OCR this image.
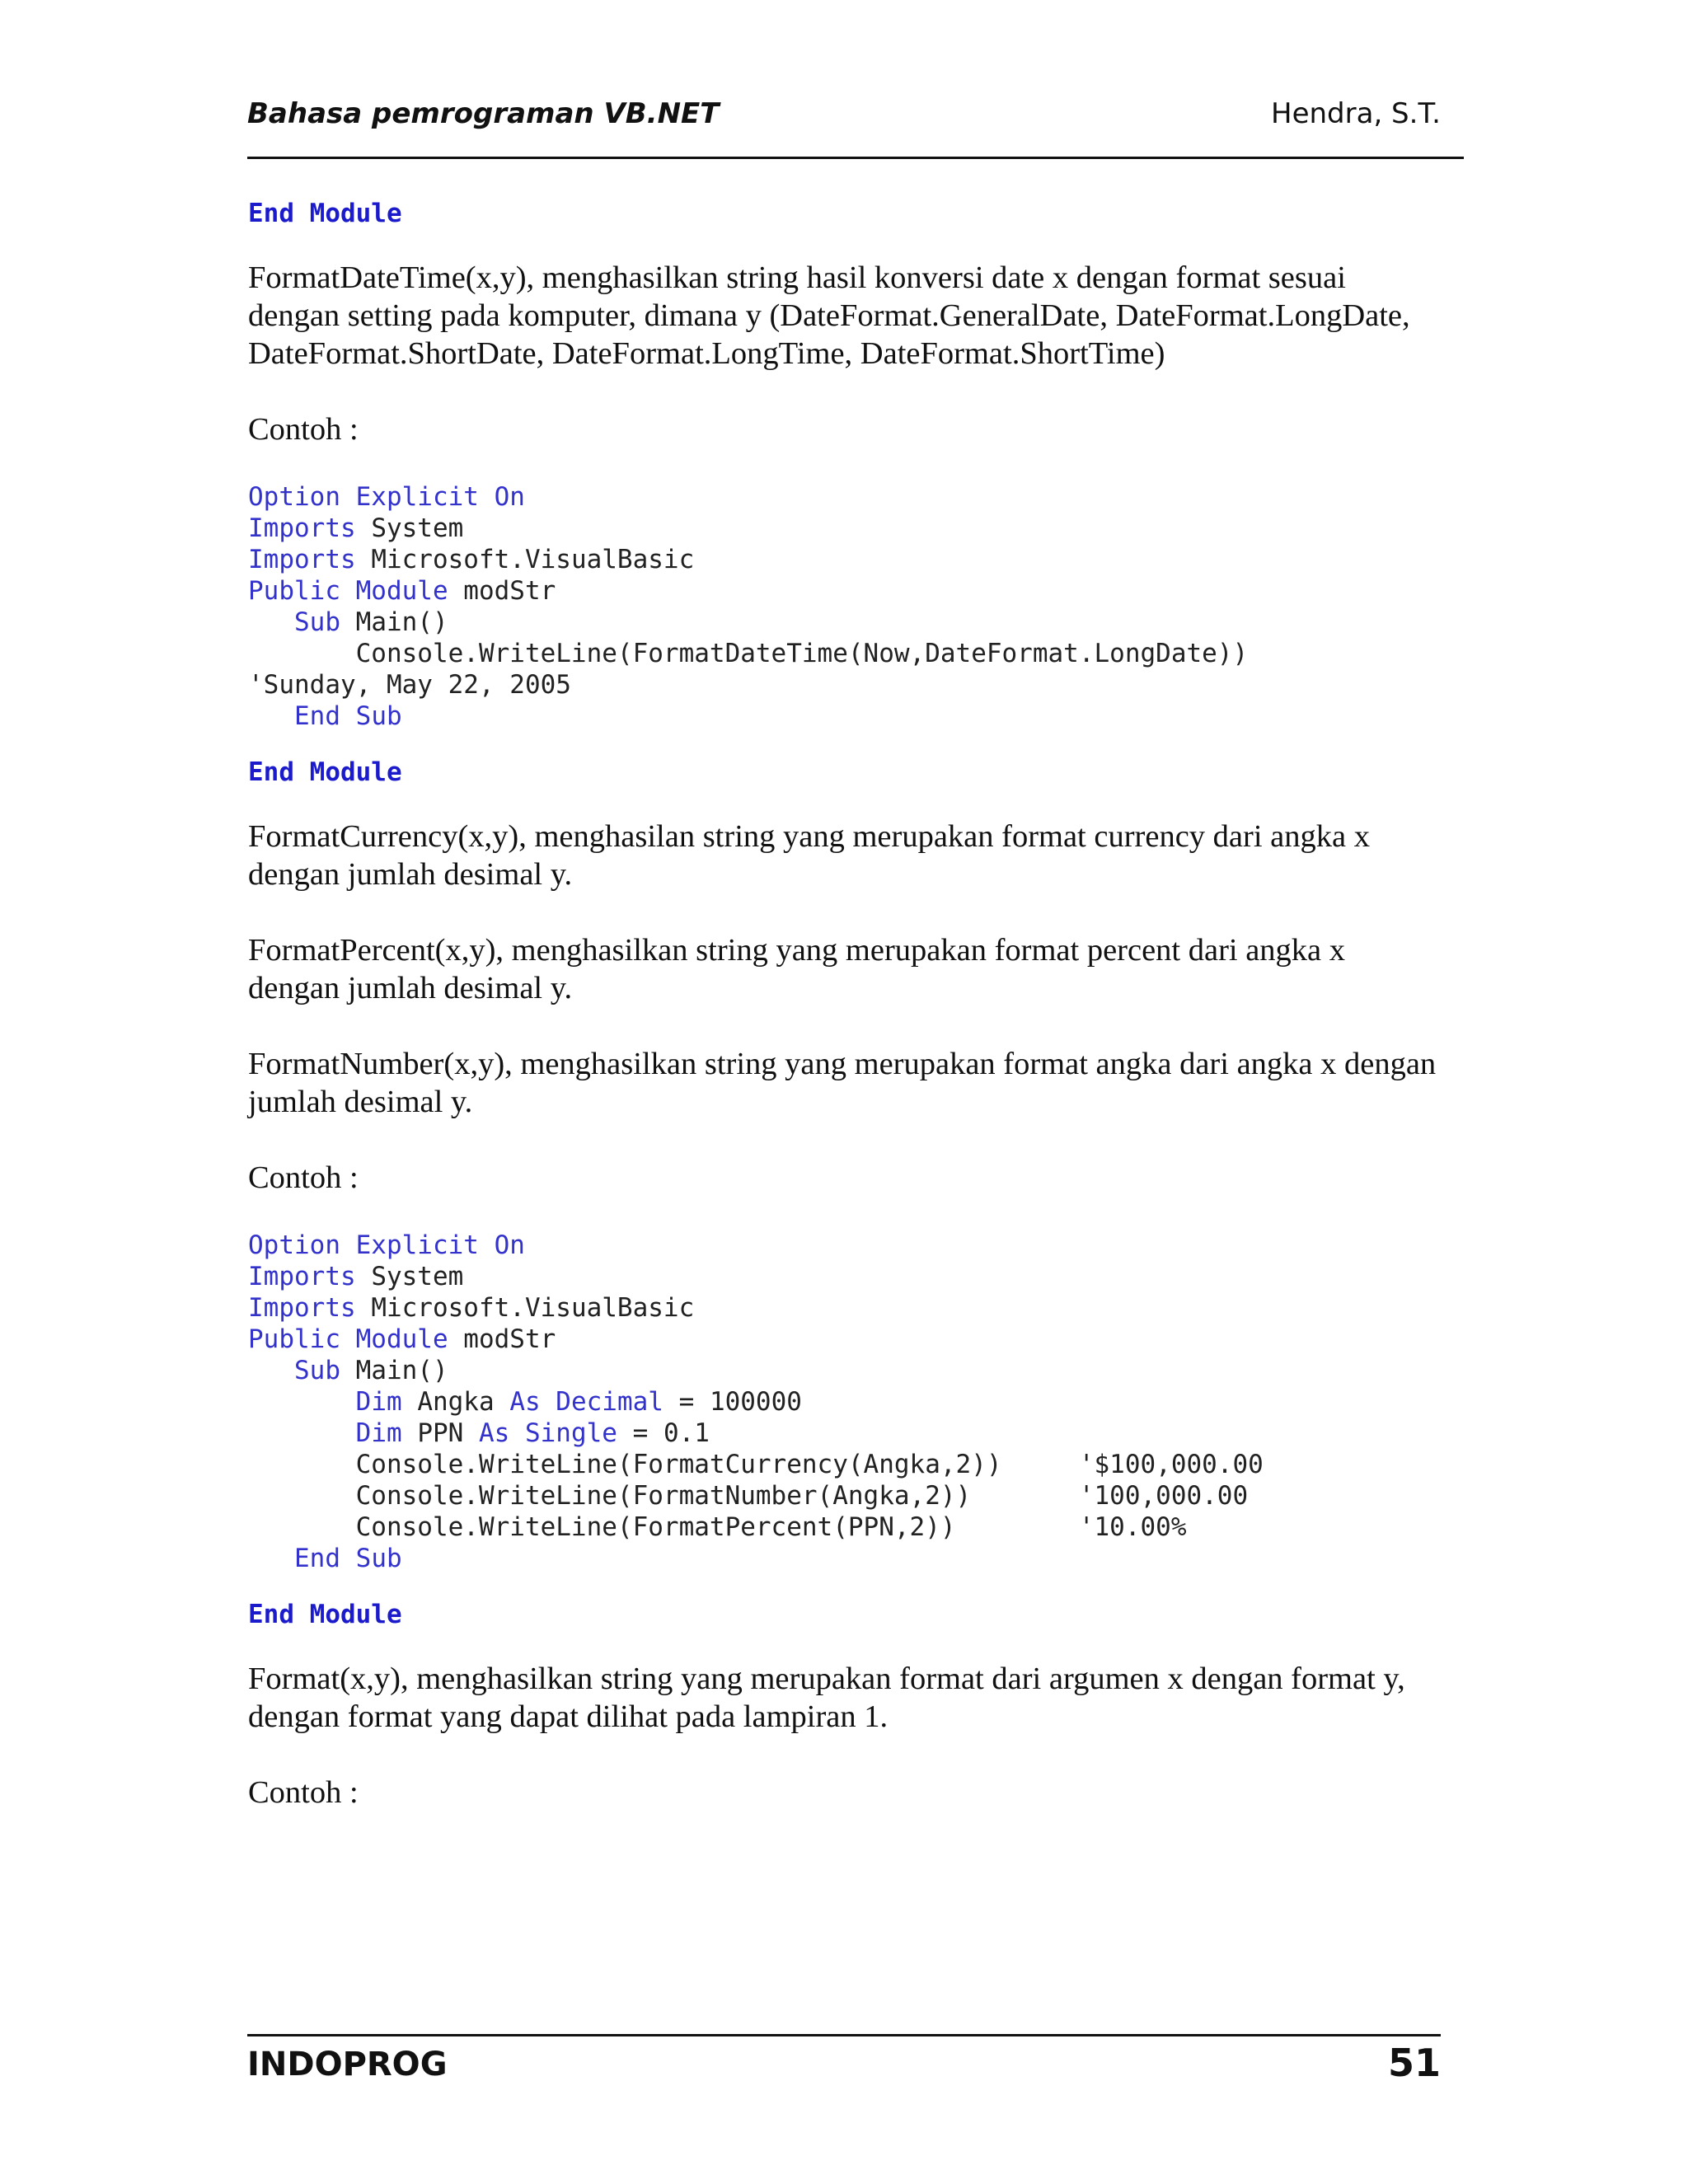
Bahasa pemrograman VB.NET	Hendra, S.T.

End Module

FormatDateTime(x,y), menghasilkan string hasil konversi date x dengan format sesuai dengan setting pada komputer, dimana y (DateFormat.GeneralDate, DateFormat.LongDate, DateFormat.ShortDate, DateFormat.LongTime, DateFormat.ShortTime)

Contoh :

Option Explicit On
Imports System
Imports Microsoft.VisualBasic
Public Module modStr
Sub Main()
Console.WriteLine(FormatDateTime(Now,DateFormat.LongDate))
'Sunday, May 22, 2005
End Sub

End Module

FormatCurrency(x,y), menghasilan string yang merupakan format currency dari angka x dengan jumlah desimal y.

FormatPercent(x,y), menghasilkan string yang merupakan format percent dari angka x dengan jumlah desimal y.

FormatNumber(x,y), menghasilkan string yang merupakan format angka dari angka x dengan jumlah desimal y.

Contoh :

Option Explicit On
Imports System
Imports Microsoft.VisualBasic
Public Module modStr
Sub Main()
Dim Angka As Decimal = 100000
Dim PPN As Single = 0.1
Console.WriteLine(FormatCurrency(Angka,2))     '$100,000.00
Console.WriteLine(FormatNumber(Angka,2))       '100,000.00
Console.WriteLine(FormatPercent(PPN,2))        '10.00%
End Sub

End Module

Format(x,y), menghasilkan string yang merupakan format dari argumen x dengan format y, dengan format yang dapat dilihat pada lampiran 1.

Contoh :

INDOPROG	51
